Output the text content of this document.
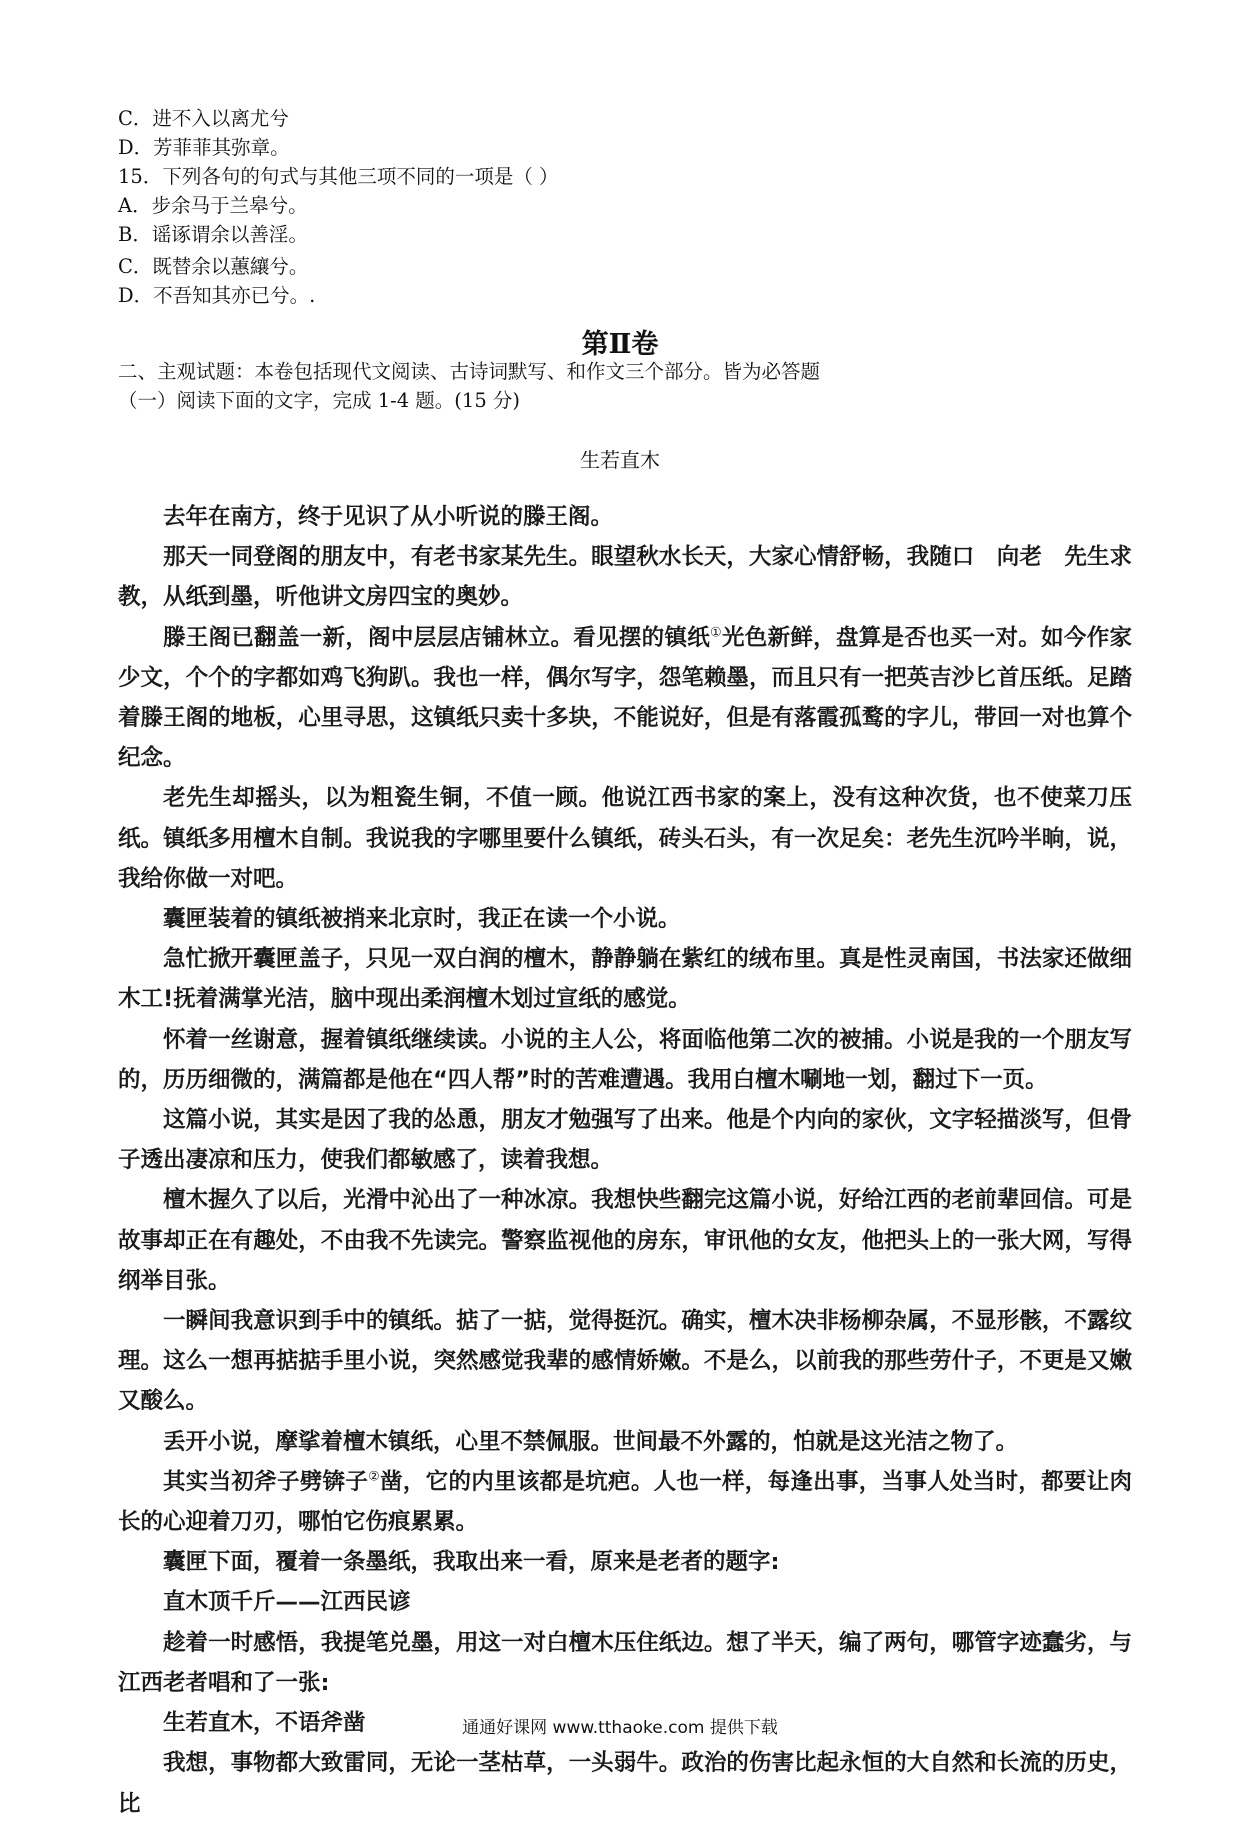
C．进不入以离尤兮
D．芳菲菲其弥章。
15．下列各句的句式与其他三项不同的一项是（ ）
A．步余马于兰皋兮。
B．谣诼谓余以善淫。
C．既替余以蕙纕兮。
D．不吾知其亦已兮。.
第Ⅱ卷
二、主观试题：本卷包括现代文阅读、古诗词默写、和作文三个部分。皆为必答题
（一）阅读下面的文字，完成 1-4 题。(15 分)
生若直木

去年在南方，终于见识了从小听说的滕王阁。

那天一同登阁的朋友中，有老书家某先生。眼望秋水长天，大家心情舒畅，我随口　向老　先生求教，从纸到墨，听他讲文房四宝的奥妙。

滕王阁已翻盖一新，阁中层层店铺林立。看见摆的镇纸①光色新鲜，盘算是否也买一对。如今作家少文，个个的字都如鸡飞狗趴。我也一样，偶尔写字，怨笔赖墨，而且只有一把英吉沙匕首压纸。足踏着滕王阁的地板，心里寻思，这镇纸只卖十多块，不能说好，但是有落霞孤鹜的字儿，带回一对也算个纪念。

老先生却摇头，以为粗瓷生铜，不值一顾。他说江西书家的案上，没有这种次货，也不使菜刀压纸。镇纸多用檀木自制。我说我的字哪里要什么镇纸，砖头石头，有一次足矣：老先生沉吟半晌，说，我给你做一对吧。

囊匣装着的镇纸被捎来北京时，我正在读一个小说。

急忙掀开囊匣盖子，只见一双白润的檀木，静静躺在紫红的绒布里。真是性灵南国，书法家还做细木工!抚着满掌光洁，脑中现出柔润檀木划过宣纸的感觉。

怀着一丝谢意，握着镇纸继续读。小说的主人公，将面临他第二次的被捕。小说是我的一个朋友写的，历历细微的，满篇都是他在“四人帮”时的苦难遭遇。我用白檀木唰地一划，翻过下一页。

这篇小说，其实是因了我的怂恿，朋友才勉强写了出来。他是个内向的家伙，文字轻描淡写，但骨子透出凄凉和压力，使我们都敏感了，读着我想。

檀木握久了以后，光滑中沁出了一种冰凉。我想快些翻完这篇小说，好给江西的老前辈回信。可是故事却正在有趣处，不由我不先读完。警察监视他的房东，审讯他的女友，他把头上的一张大网，写得纲举目张。

一瞬间我意识到手中的镇纸。掂了一掂，觉得挺沉。确实，檀木决非杨柳杂属，不显形骸，不露纹理。这么一想再掂掂手里小说，突然感觉我辈的感情娇嫩。不是么，以前我的那些劳什子，不更是又嫩又酸么。

丢开小说，摩挲着檀木镇纸，心里不禁佩服。世间最不外露的，怕就是这光洁之物了。

其实当初斧子劈锛子②凿，它的内里该都是坑疤。人也一样，每逢出事，当事人处当时，都要让肉长的心迎着刀刃，哪怕它伤痕累累。

囊匣下面，覆着一条墨纸，我取出来一看，原来是老者的题字:

直木顶千斤——江西民谚

趁着一时感悟，我提笔兑墨，用这一对白檀木压住纸边。想了半天，编了两句，哪管字迹蠢劣，与江西老者唱和了一张:

生若直木，不语斧凿

我想，事物都大致雷同，无论一茎枯草，一头弱牛。政治的伤害比起永恒的大自然和长流的历史，比

通通好课网 www.tthaoke.com 提供下载
